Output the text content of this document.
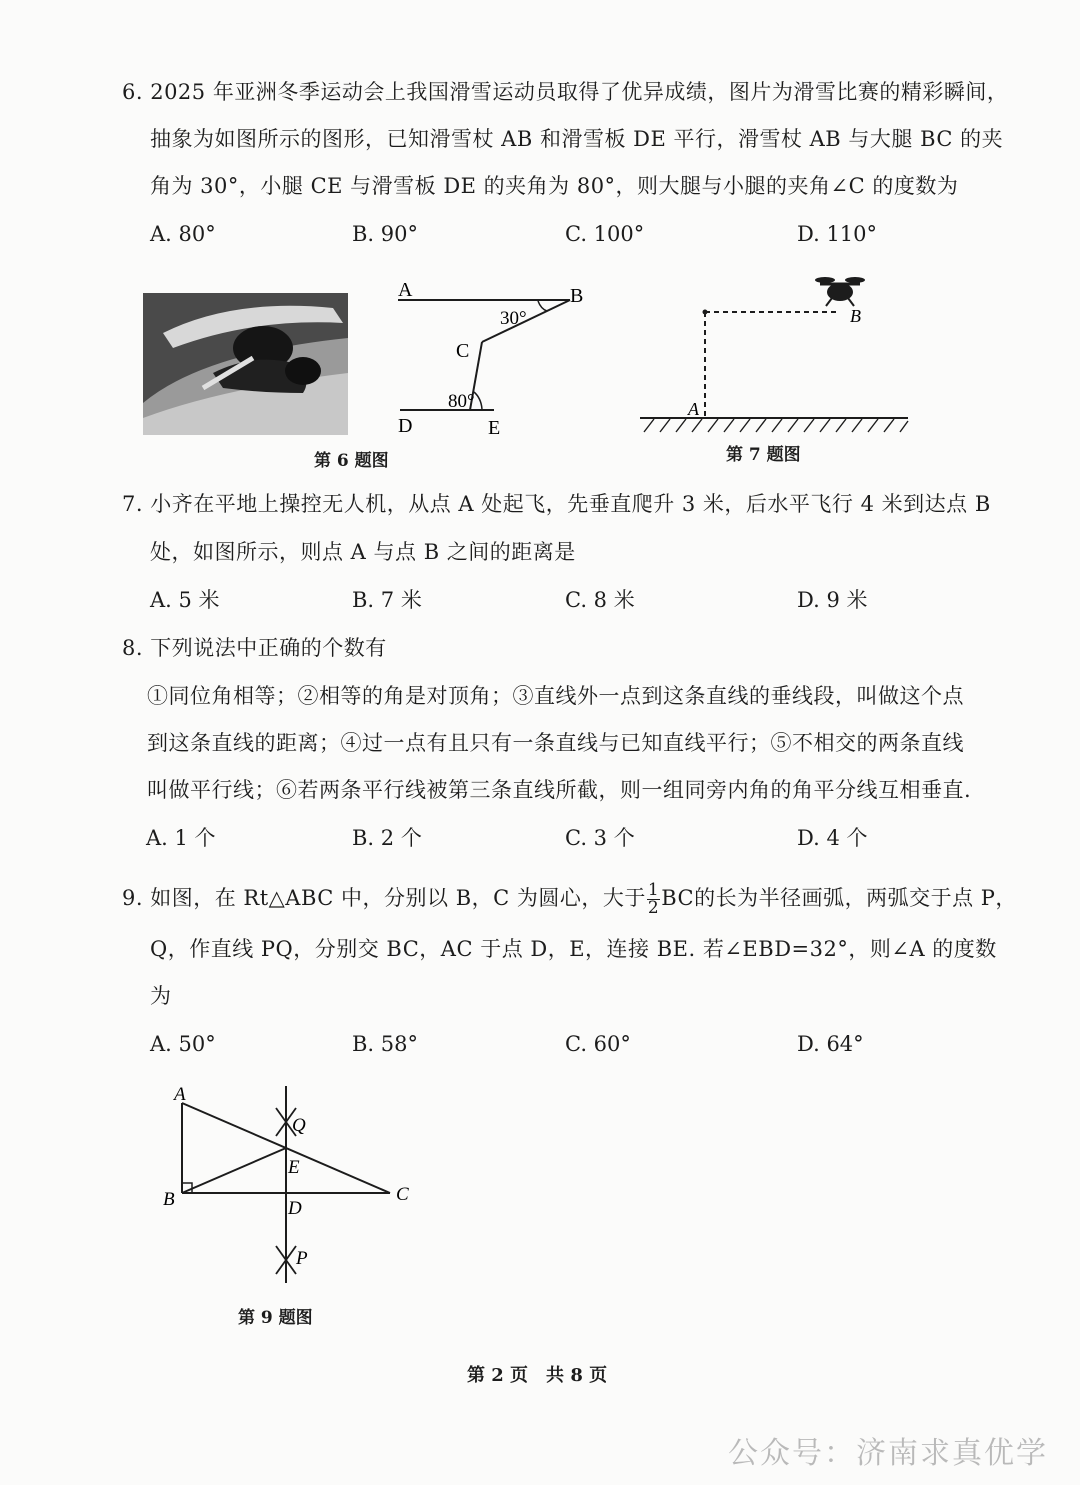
6. 2025 年亚洲冬季运动会上我国滑雪运动员取得了优异成绩，图片为滑雪比赛的精彩瞬间，
抽象为如图所示的图形，已知滑雪杖 AB 和滑雪板 DE 平行，滑雪杖 AB 与大腿 BC 的夹
角为 30°，小腿 CE 与滑雪板 DE 的夹角为 80°，则大腿与小腿的夹角∠C 的度数为
A. 80°	B. 90°	C. 100°	D. 110°
A	B
C
D	E
30°
80°
第 6 题图
B
A
第 7 题图
7. 小齐在平地上操控无人机，从点 A 处起飞，先垂直爬升 3 米，后水平飞行 4 米到达点 B
处，如图所示，则点 A 与点 B 之间的距离是
A. 5 米	B. 7 米	C. 8 米	D. 9 米
8. 下列说法中正确的个数有
①同位角相等；②相等的角是对顶角；③直线外一点到这条直线的垂线段，叫做这个点
到这条直线的距离；④过一点有且只有一条直线与已知直线平行；⑤不相交的两条直线
叫做平行线；⑥若两条平行线被第三条直线所截，则一组同旁内角的角平分线互相垂直.
A. 1 个	B. 2 个	C. 3 个	D. 4 个
9. 如图，在 Rt△ABC 中，分别以 B，C 为圆心，大于 $\frac{1}{2}$ BC的长为半径画弧，两弧交于点 P，
Q，作直线 PQ，分别交 BC，AC 于点 D，E，连接 BE. 若∠EBD=32°，则∠A 的度数
为
A. 50°	B. 58°	C. 60°	D. 64°
A
B	C
D
E
Q
P
第 9 题图
第 2 页　共 8 页
公众号：济南求真优学
